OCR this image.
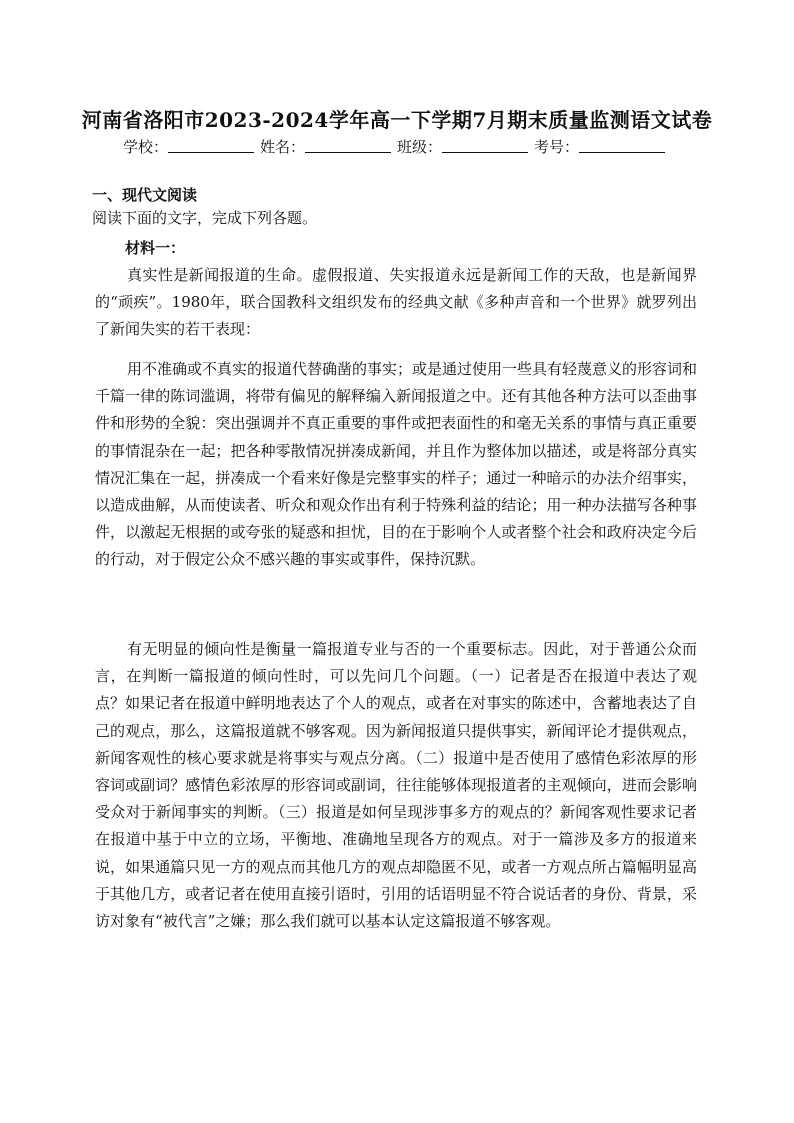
河南省洛阳市2023-2024学年高一下学期7月期末质量监测语文试卷
学校：	姓名：	班级：	考号：
一、现代文阅读
阅读下面的文字，完成下列各题。
材料一：

真实性是新闻报道的生命。虚假报道、失实报道永远是新闻工作的天敌，也是新闻界的“顽疾”。1980年，联合国教科文组织发布的经典文献《多种声音和一个世界》就罗列出了新闻失实的若干表现：

用不准确或不真实的报道代替确凿的事实；或是通过使用一些具有轻蔑意义的形容词和千篇一律的陈词滥调，将带有偏见的解释编入新闻报道之中。还有其他各种方法可以歪曲事件和形势的全貌：突出强调并不真正重要的事件或把表面性的和毫无关系的事情与真正重要的事情混杂在一起；把各种零散情况拼凑成新闻，并且作为整体加以描述，或是将部分真实情况汇集在一起，拼凑成一个看来好像是完整事实的样子；通过一种暗示的办法介绍事实，以造成曲解，从而使读者、听众和观众作出有利于特殊利益的结论；用一种办法描写各种事件，以激起无根据的或夸张的疑惑和担忧，目的在于影响个人或者整个社会和政府决定今后的行动，对于假定公众不感兴趣的事实或事件，保持沉默。

有无明显的倾向性是衡量一篇报道专业与否的一个重要标志。因此，对于普通公众而言，在判断一篇报道的倾向性时，可以先问几个问题。（一）记者是否在报道中表达了观点？如果记者在报道中鲜明地表达了个人的观点，或者在对事实的陈述中，含蓄地表达了自己的观点，那么，这篇报道就不够客观。因为新闻报道只提供事实，新闻评论才提供观点，新闻客观性的核心要求就是将事实与观点分离。（二）报道中是否使用了感情色彩浓厚的形容词或副词？感情色彩浓厚的形容词或副词，往往能够体现报道者的主观倾向，进而会影响受众对于新闻事实的判断。（三）报道是如何呈现涉事多方的观点的？新闻客观性要求记者在报道中基于中立的立场，平衡地、准确地呈现各方的观点。对于一篇涉及多方的报道来说，如果通篇只见一方的观点而其他几方的观点却隐匿不见，或者一方观点所占篇幅明显高于其他几方，或者记者在使用直接引语时，引用的话语明显不符合说话者的身份、背景，采访对象有“被代言”之嫌；那么我们就可以基本认定这篇报道不够客观。
